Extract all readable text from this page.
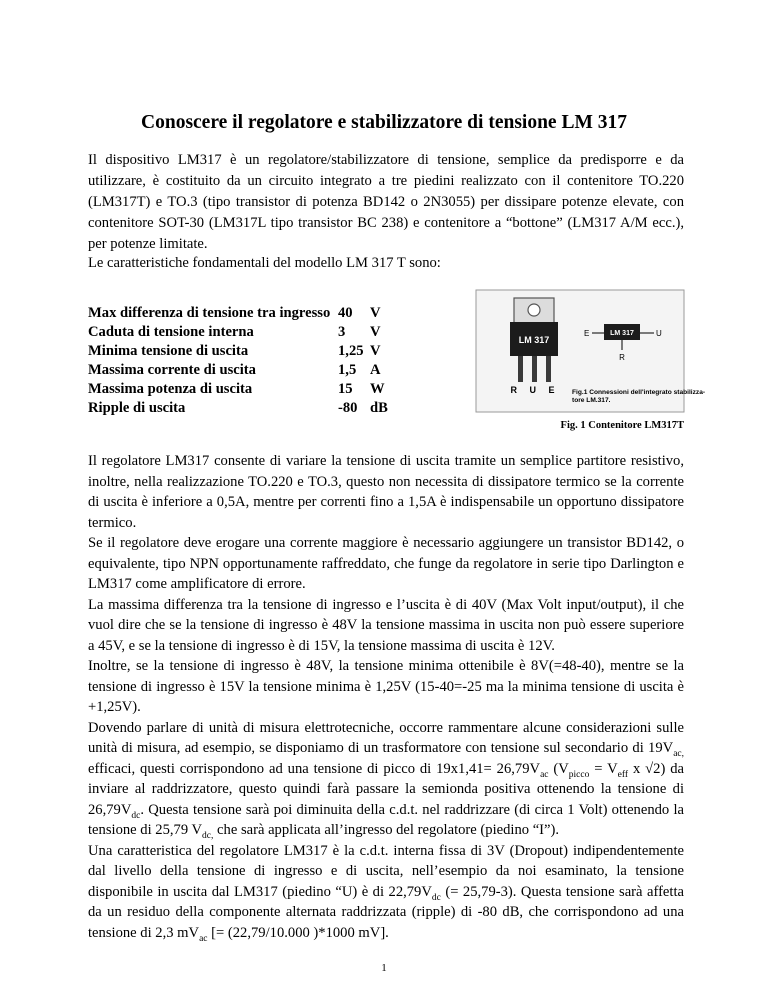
Conoscere il regolatore e stabilizzatore di tensione LM 317

Il dispositivo LM317 è un regolatore/stabilizzatore di tensione, semplice da predisporre e da utilizzare, è costituito da un circuito integrato a tre piedini realizzato con il contenitore TO.220 (LM317T) e TO.3 (tipo transistor di potenza BD142 o 2N3055) per dissipare potenze elevate, con contenitore SOT-30 (LM317L tipo transistor BC 238) e contenitore a “bottone” (LM317 A/M ecc.), per potenze limitate.

Le caratteristiche fondamentali del modello LM 317 T sono:
Max differenza di tensione tra ingresso	40	V
Caduta di tensione interna	3	V
Minima tensione di uscita	1,25	V
Massima corrente di uscita	1,5	A
Massima potenza di uscita	15	W
Ripple di uscita	-80	dB
LM 317
R U E
E	LM 317	U
R
Fig.1 Connessioni dell'integrato stabilizza- tore LM.317.
Fig. 1 Contenitore LM317T

Il regolatore LM317 consente di variare la tensione di uscita tramite un semplice partitore resistivo, inoltre, nella realizzazione TO.220 e TO.3, questo non necessita di dissipatore termico se la corrente di uscita è inferiore a 0,5A, mentre per correnti fino a 1,5A è indispensabile un opportuno dissipatore termico.

Se il regolatore deve erogare una corrente maggiore è necessario aggiungere un transistor BD142, o equivalente, tipo NPN opportunamente raffreddato, che funge da regolatore in serie tipo Darlington e LM317 come amplificatore di errore.

La massima differenza tra la tensione di ingresso e l’uscita è di 40V (Max Volt input/output), il che vuol dire che se la tensione di ingresso è 48V la tensione massima in uscita non può essere superiore a 45V, e se la tensione di ingresso è di 15V, la tensione massima di uscita è 12V.

Inoltre, se la tensione di ingresso è 48V, la tensione minima ottenibile è 8V(=48-40), mentre se la tensione di ingresso è 15V la tensione minima è 1,25V (15-40=-25 ma la minima tensione di uscita è +1,25V).

Dovendo parlare di unità di misura elettrotecniche, occorre rammentare alcune considerazioni sulle unità di misura, ad esempio, se disponiamo di un trasformatore con tensione sul secondario di $19V_{ac,}$ efficaci, questi corrispondono ad una tensione di picco di $19x1,41= 26,79V_{ac}$ ($V_{picco} = V_{eff}$ x √2) da inviare al raddrizzatore, questo quindi farà passare la semionda positiva ottenendo la tensione di $26,79V_{dc}$. Questa tensione sarà poi diminuita della c.d.t. nel raddrizzare (di circa 1 Volt) ottenendo la tensione di 25,79 $V_{dc,}$ che sarà applicata all’ingresso del regolatore (piedino “I”).

Una caratteristica del regolatore LM317 è la c.d.t. interna fissa di 3V (Dropout) indipendentemente dal livello della tensione di ingresso e di uscita, nell’esempio da noi esaminato, la tensione disponibile in uscita dal LM317 (piedino “U) è di $22,79V_{dc}$ (= 25,79-3). Questa tensione sarà affetta da un residuo della componente alternata raddrizzata (ripple) di -80 dB, che corrispondono ad una tensione di 2,3 $mV_{ac}$ [= (22,79/10.000 )*1000 mV].

1
